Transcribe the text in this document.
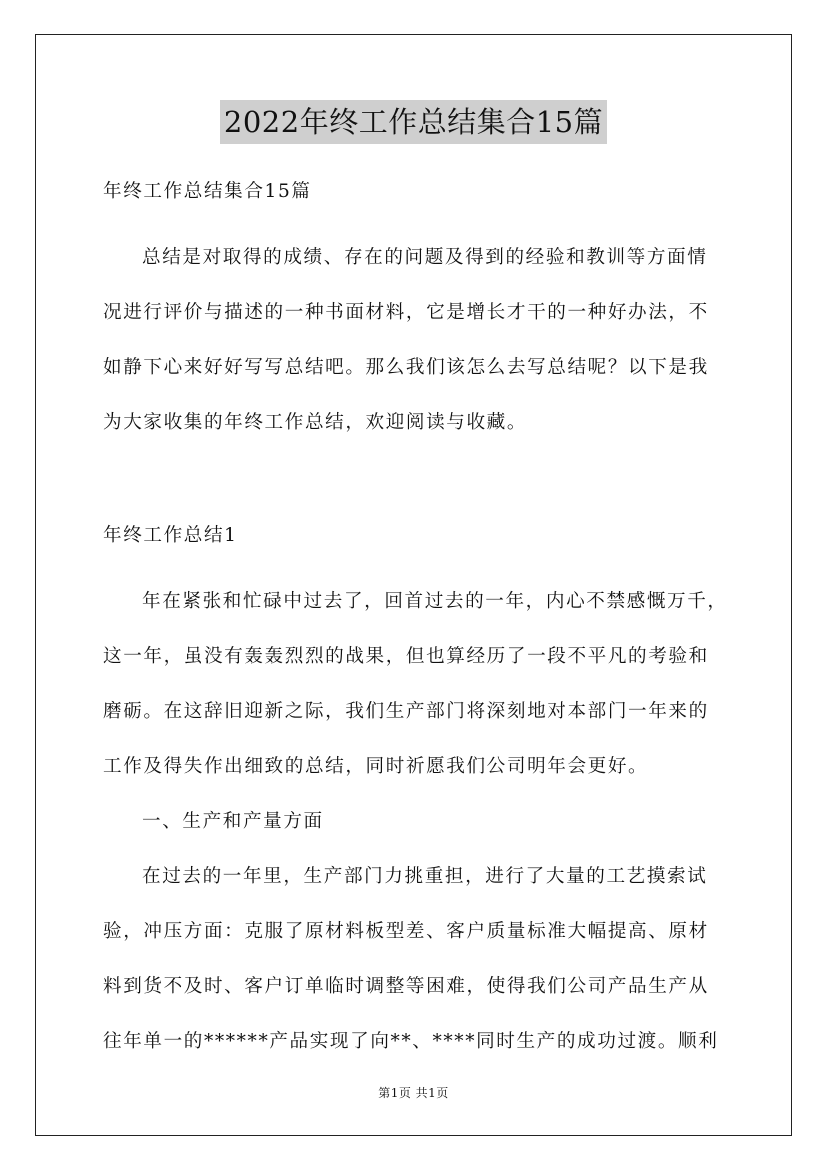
2022年终工作总结集合15篇
年终工作总结集合15篇
总结是对取得的成绩、存在的问题及得到的经验和教训等方面情
况进行评价与描述的一种书面材料，它是增长才干的一种好办法，不
如静下心来好好写写总结吧。那么我们该怎么去写总结呢？以下是我
为大家收集的年终工作总结，欢迎阅读与收藏。
年终工作总结1
年在紧张和忙碌中过去了，回首过去的一年，内心不禁感慨万千，
这一年，虽没有轰轰烈烈的战果，但也算经历了一段不平凡的考验和
磨砺。在这辞旧迎新之际，我们生产部门将深刻地对本部门一年来的
工作及得失作出细致的总结，同时祈愿我们公司明年会更好。
一、生产和产量方面
在过去的一年里，生产部门力挑重担，进行了大量的工艺摸索试
验，冲压方面：克服了原材料板型差、客户质量标准大幅提高、原材
料到货不及时、客户订单临时调整等困难，使得我们公司产品生产从
往年单一的******产品实现了向**、****同时生产的成功过渡。顺利
第1页 共1页
